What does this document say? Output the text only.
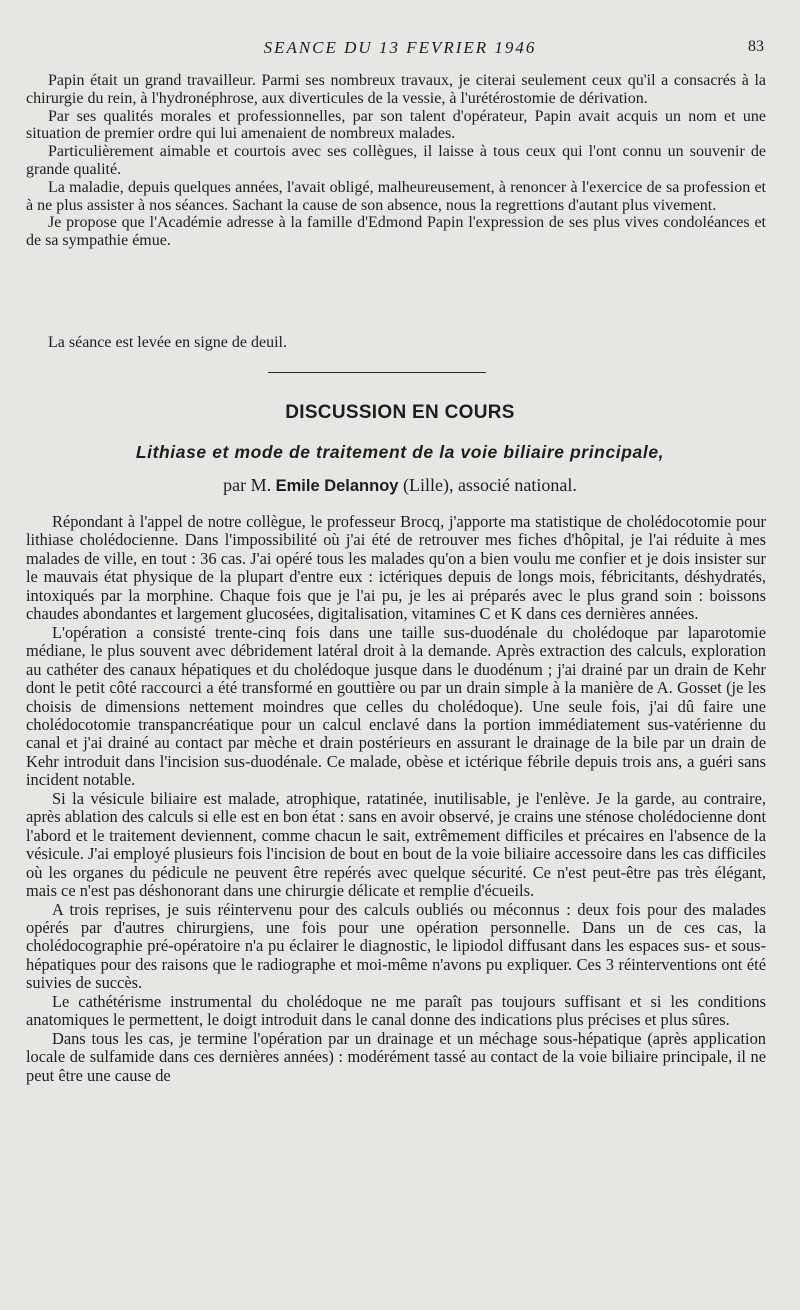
SEANCE DU 13 FEVRIER 1946	83

Papin était un grand travailleur. Parmi ses nombreux travaux, je citerai seulement ceux qu'il a consacrés à la chirurgie du rein, à l'hydronéphrose, aux diverticules de la vessie, à l'urétérostomie de dérivation.

Par ses qualités morales et professionnelles, par son talent d'opérateur, Papin avait acquis un nom et une situation de premier ordre qui lui amenaient de nombreux malades.

Particulièrement aimable et courtois avec ses collègues, il laisse à tous ceux qui l'ont connu un souvenir de grande qualité.

La maladie, depuis quelques années, l'avait obligé, malheureusement, à renoncer à l'exercice de sa profession et à ne plus assister à nos séances. Sachant la cause de son absence, nous la regrettions d'autant plus vivement.

Je propose que l'Académie adresse à la famille d'Edmond Papin l'expression de ses plus vives condoléances et de sa sympathie émue.

La séance est levée en signe de deuil.

DISCUSSION EN COURS
Lithiase et mode de traitement de la voie biliaire principale,
par M. Emile Delannoy (Lille), associé national.

Répondant à l'appel de notre collègue, le professeur Brocq, j'apporte ma statistique de cholédocotomie pour lithiase cholédocienne. Dans l'impossibilité où j'ai été de retrouver mes fiches d'hôpital, je l'ai réduite à mes malades de ville, en tout : 36 cas. J'ai opéré tous les malades qu'on a bien voulu me confier et je dois insister sur le mauvais état physique de la plupart d'entre eux : ictériques depuis de longs mois, fébricitants, déshydratés, intoxiqués par la morphine. Chaque fois que je l'ai pu, je les ai préparés avec le plus grand soin : boissons chaudes abondantes et largement glucosées, digitalisation, vitamines C et K dans ces dernières années.

L'opération a consisté trente-cinq fois dans une taille sus-duodénale du cholédoque par laparotomie médiane, le plus souvent avec débridement latéral droit à la demande. Après extraction des calculs, exploration au cathéter des canaux hépatiques et du cholédoque jusque dans le duodénum ; j'ai drainé par un drain de Kehr dont le petit côté raccourci a été transformé en gouttière ou par un drain simple à la manière de A. Gosset (je les choisis de dimensions nettement moindres que celles du cholédoque). Une seule fois, j'ai dû faire une cholédocotomie transpancréatique pour un calcul enclavé dans la portion immédiatement sus-vatérienne du canal et j'ai drainé au contact par mèche et drain postérieurs en assurant le drainage de la bile par un drain de Kehr introduit dans l'incision sus-duodénale. Ce malade, obèse et ictérique fébrile depuis trois ans, a guéri sans incident notable.

Si la vésicule biliaire est malade, atrophique, ratatinée, inutilisable, je l'enlève. Je la garde, au contraire, après ablation des calculs si elle est en bon état : sans en avoir observé, je crains une sténose cholédocienne dont l'abord et le traitement deviennent, comme chacun le sait, extrêmement difficiles et précaires en l'absence de la vésicule. J'ai employé plusieurs fois l'incision de bout en bout de la voie biliaire accessoire dans les cas difficiles où les organes du pédicule ne peuvent être repérés avec quelque sécurité. Ce n'est peut-être pas très élégant, mais ce n'est pas déshonorant dans une chirurgie délicate et remplie d'écueils.

A trois reprises, je suis réintervenu pour des calculs oubliés ou méconnus : deux fois pour des malades opérés par d'autres chirurgiens, une fois pour une opération personnelle. Dans un de ces cas, la cholédocographie pré-opératoire n'a pu éclairer le diagnostic, le lipiodol diffusant dans les espaces sus- et sous-hépatiques pour des raisons que le radiographe et moi-même n'avons pu expliquer. Ces 3 réinterventions ont été suivies de succès.

Le cathétérisme instrumental du cholédoque ne me paraît pas toujours suffisant et si les conditions anatomiques le permettent, le doigt introduit dans le canal donne des indications plus précises et plus sûres.

Dans tous les cas, je termine l'opération par un drainage et un méchage sous-hépatique (après application locale de sulfamide dans ces dernières années) : modérément tassé au contact de la voie biliaire principale, il ne peut être une cause de
